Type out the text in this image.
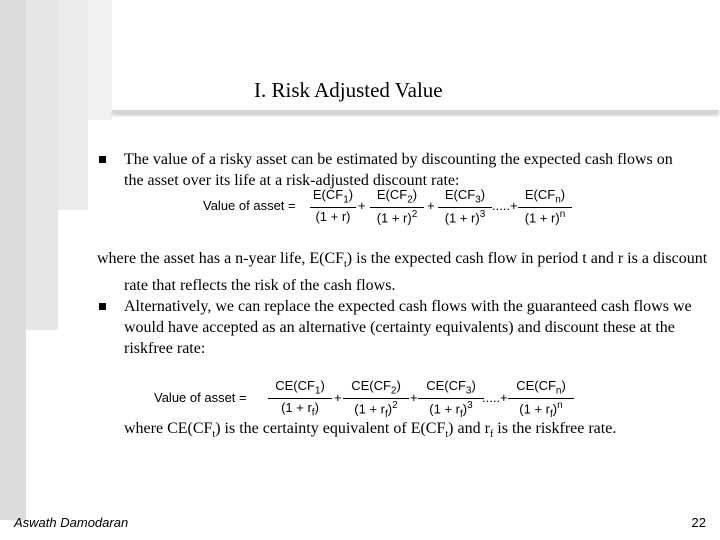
I. Risk Adjusted Value
The value of a risky asset can be estimated by discounting the expected cash flows on the asset over its life at a risk-adjusted discount rate:
Value of asset = $\frac{E(CF_1)}{(1 + r)} + \frac{E(CF_2)}{(1 + r)^2} + \frac{E(CF_3)}{(1 + r)^3}$ .....+
$E(CF_n)$
$(1 + r)^n$
where the asset has a n-year life, $E(CF_t)$ is the expected cash flow in period t and r is a discount rate that reflects the risk of the cash flows.
Alternatively, we can replace the expected cash flows with the guaranteed cash flows we would have accepted as an alternative (certainty equivalents) and discount these at the riskfree rate:
where $CE(CF_t)$ is the certainty equivalent of $E(CF_t)$ and $r_f$ is the riskfree rate.
Value of asset = $\frac{CE(CF_1)}{(1 + r_f)} + \frac{CE(CF_2)}{(1 + r_f)^2} + \frac{CE(CF_3)}{(1 + r_f)^3}$
.....+
$CE(CF_n)$
$(1 + r_f)^n$
Aswath Damodaran	22
